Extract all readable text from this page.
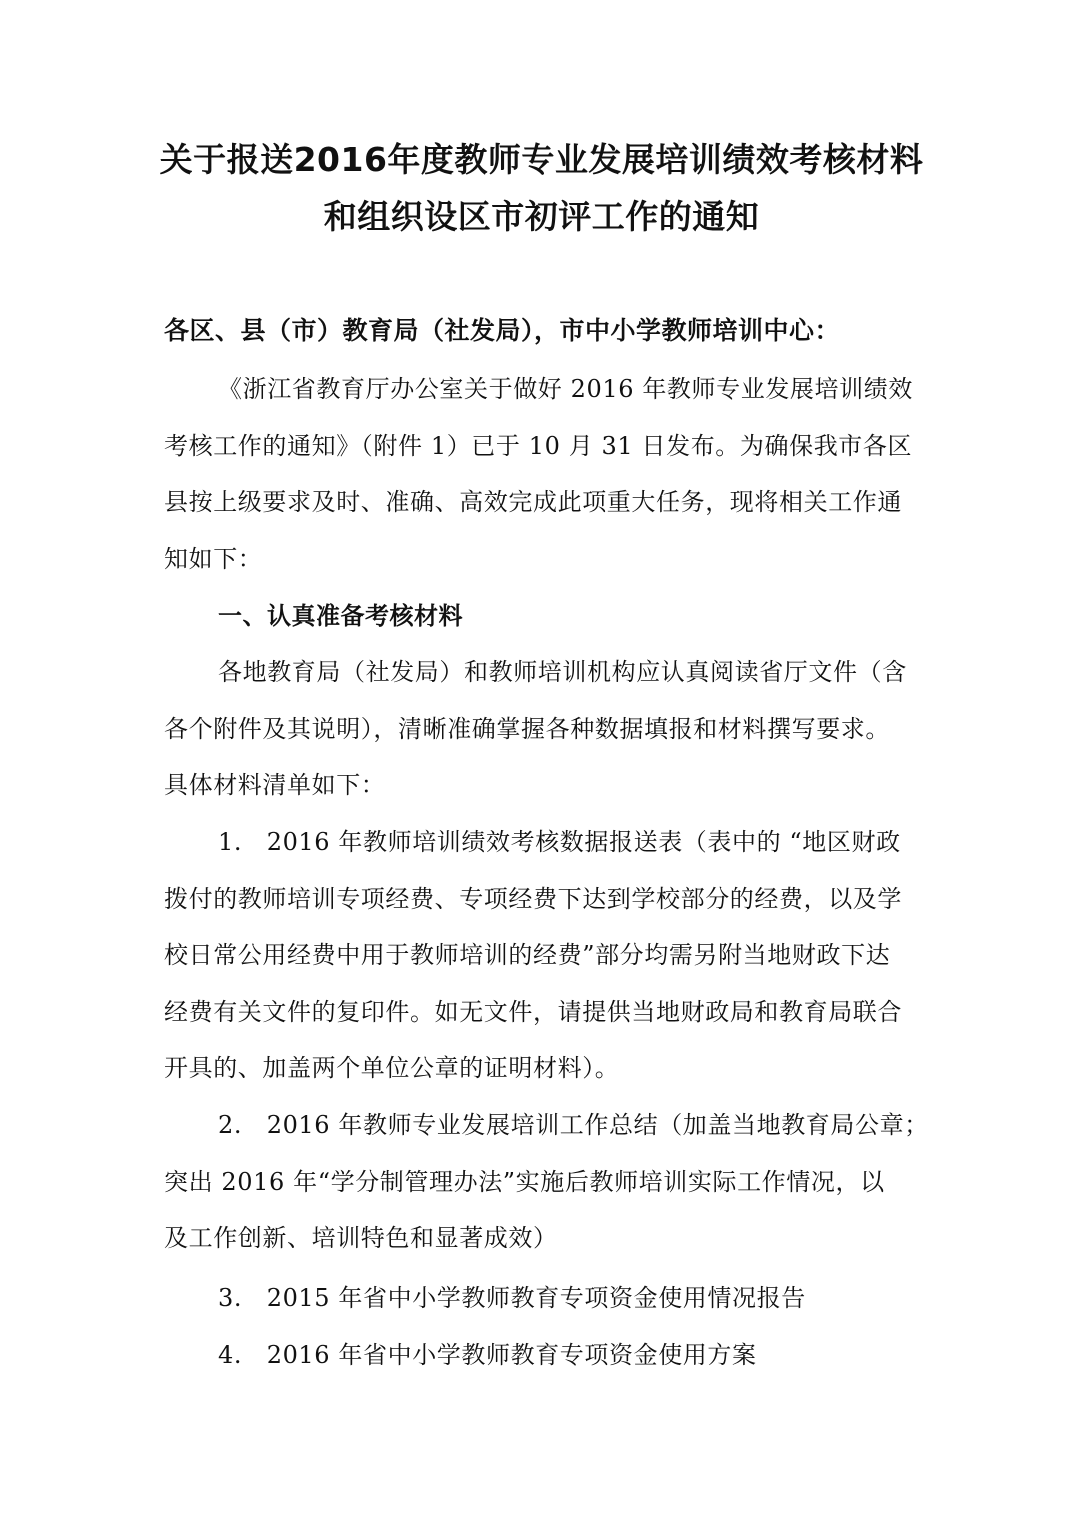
关于报送2016年度教师专业发展培训绩效考核材料
和组织设区市初评工作的通知
各区、县（市）教育局（社发局），市中小学教师培训中心：
《浙江省教育厅办公室关于做好 2016 年教师专业发展培训绩效
考核工作的通知》（附件 1）已于 10 月 31 日发布。为确保我市各区
县按上级要求及时、准确、高效完成此项重大任务，现将相关工作通
知如下：
一、认真准备考核材料
各地教育局（社发局）和教师培训机构应认真阅读省厅文件（含
各个附件及其说明），清晰准确掌握各种数据填报和材料撰写要求。
具体材料清单如下：
1.　2016 年教师培训绩效考核数据报送表（表中的 “地区财政
拨付的教师培训专项经费、专项经费下达到学校部分的经费，以及学
校日常公用经费中用于教师培训的经费”部分均需另附当地财政下达
经费有关文件的复印件。如无文件，请提供当地财政局和教育局联合
开具的、加盖两个单位公章的证明材料）。
2.　2016 年教师专业发展培训工作总结（加盖当地教育局公章；
突出 2016 年“学分制管理办法”实施后教师培训实际工作情况，以
及工作创新、培训特色和显著成效）
3.　2015 年省中小学教师教育专项资金使用情况报告
4.　2016 年省中小学教师教育专项资金使用方案
